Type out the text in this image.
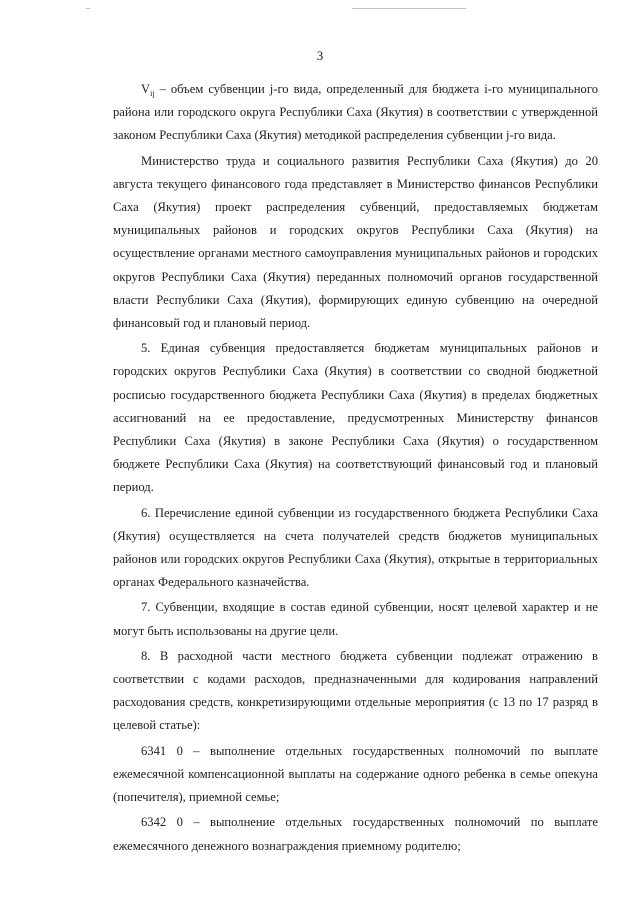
3

$V_{ij}$ – объем субвенции j-го вида, определенный для бюджета i-го муниципального района или городского округа Республики Саха (Якутия) в соответствии с утвержденной законом Республики Саха (Якутия) методикой распределения субвенции j-го вида.

Министерство труда и социального развития Республики Саха (Якутия) до 20 августа текущего финансового года представляет в Министерство финансов Республики Саха (Якутия) проект распределения субвенций, предоставляемых бюджетам муниципальных районов и городских округов Республики Саха (Якутия) на осуществление органами местного самоуправления муниципальных районов и городских округов Республики Саха (Якутия) переданных полномочий органов государственной власти Республики Саха (Якутия), формирующих единую субвенцию на очередной финансовый год и плановый период.

5. Единая субвенция предоставляется бюджетам муниципальных районов и городских округов Республики Саха (Якутия) в соответствии со сводной бюджетной росписью государственного бюджета Республики Саха (Якутия) в пределах бюджетных ассигнований на ее предоставление, предусмотренных Министерству финансов Республики Саха (Якутия) в законе Республики Саха (Якутия) о государственном бюджете Республики Саха (Якутия) на соответствующий финансовый год и плановый период.

6. Перечисление единой субвенции из государственного бюджета Республики Саха (Якутия) осуществляется на счета получателей средств бюджетов муниципальных районов или городских округов Республики Саха (Якутия), открытые в территориальных органах Федерального казначейства.

7. Субвенции, входящие в состав единой субвенции, носят целевой характер и не могут быть использованы на другие цели.

8. В расходной части местного бюджета субвенции подлежат отражению в соответствии с кодами расходов, предназначенными для кодирования направлений расходования средств, конкретизирующими отдельные мероприятия (с 13 по 17 разряд в целевой статье):

6341 0 – выполнение отдельных государственных полномочий по выплате ежемесячной компенсационной выплаты на содержание одного ребенка в семье опекуна (попечителя), приемной семье;

6342 0 – выполнение отдельных государственных полномочий по выплате ежемесячного денежного вознаграждения приемному родителю;
